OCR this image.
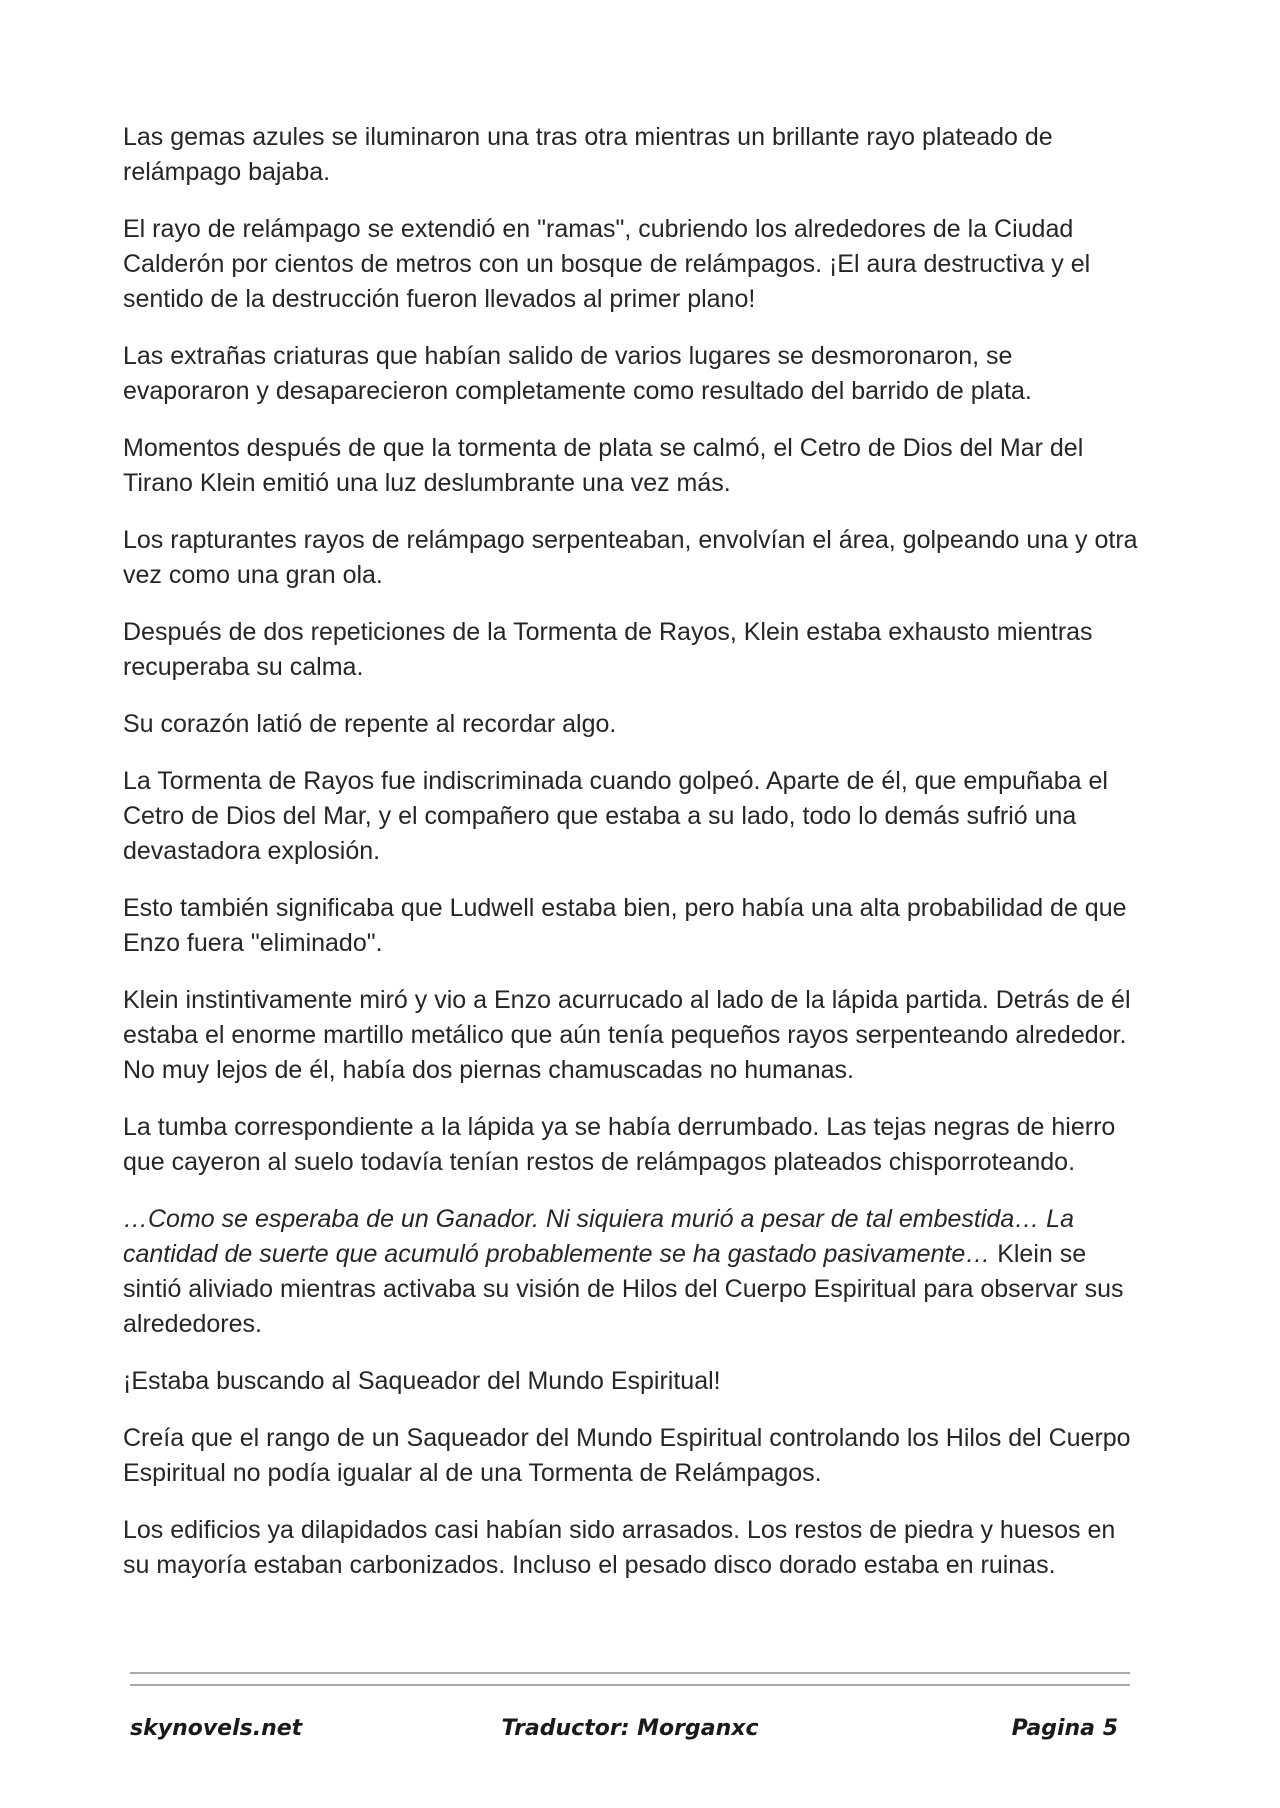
Las gemas azules se iluminaron una tras otra mientras un brillante rayo plateado de relámpago bajaba.

El rayo de relámpago se extendió en "ramas", cubriendo los alrededores de la Ciudad Calderón por cientos de metros con un bosque de relámpagos. ¡El aura destructiva y el sentido de la destrucción fueron llevados al primer plano!

Las extrañas criaturas que habían salido de varios lugares se desmoronaron, se evaporaron y desaparecieron completamente como resultado del barrido de plata.

Momentos después de que la tormenta de plata se calmó, el Cetro de Dios del Mar del Tirano Klein emitió una luz deslumbrante una vez más.

Los rapturantes rayos de relámpago serpenteaban, envolvían el área, golpeando una y otra vez como una gran ola.

Después de dos repeticiones de la Tormenta de Rayos, Klein estaba exhausto mientras recuperaba su calma.

Su corazón latió de repente al recordar algo.

La Tormenta de Rayos fue indiscriminada cuando golpeó. Aparte de él, que empuñaba el Cetro de Dios del Mar, y el compañero que estaba a su lado, todo lo demás sufrió una devastadora explosión.

Esto también significaba que Ludwell estaba bien, pero había una alta probabilidad de que Enzo fuera "eliminado".

Klein instintivamente miró y vio a Enzo acurrucado al lado de la lápida partida. Detrás de él estaba el enorme martillo metálico que aún tenía pequeños rayos serpenteando alrededor. No muy lejos de él, había dos piernas chamuscadas no humanas.

La tumba correspondiente a la lápida ya se había derrumbado. Las tejas negras de hierro que cayeron al suelo todavía tenían restos de relámpagos plateados chisporroteando.

…Como se esperaba de un Ganador. Ni siquiera murió a pesar de tal embestida… La cantidad de suerte que acumuló probablemente se ha gastado pasivamente… Klein se sintió aliviado mientras activaba su visión de Hilos del Cuerpo Espiritual para observar sus alrededores.

¡Estaba buscando al Saqueador del Mundo Espiritual!

Creía que el rango de un Saqueador del Mundo Espiritual controlando los Hilos del Cuerpo Espiritual no podía igualar al de una Tormenta de Relámpagos.

Los edificios ya dilapidados casi habían sido arrasados. Los restos de piedra y huesos en su mayoría estaban carbonizados. Incluso el pesado disco dorado estaba en ruinas.

skynovels.net	Traductor: Morganxc	Pagina 5
